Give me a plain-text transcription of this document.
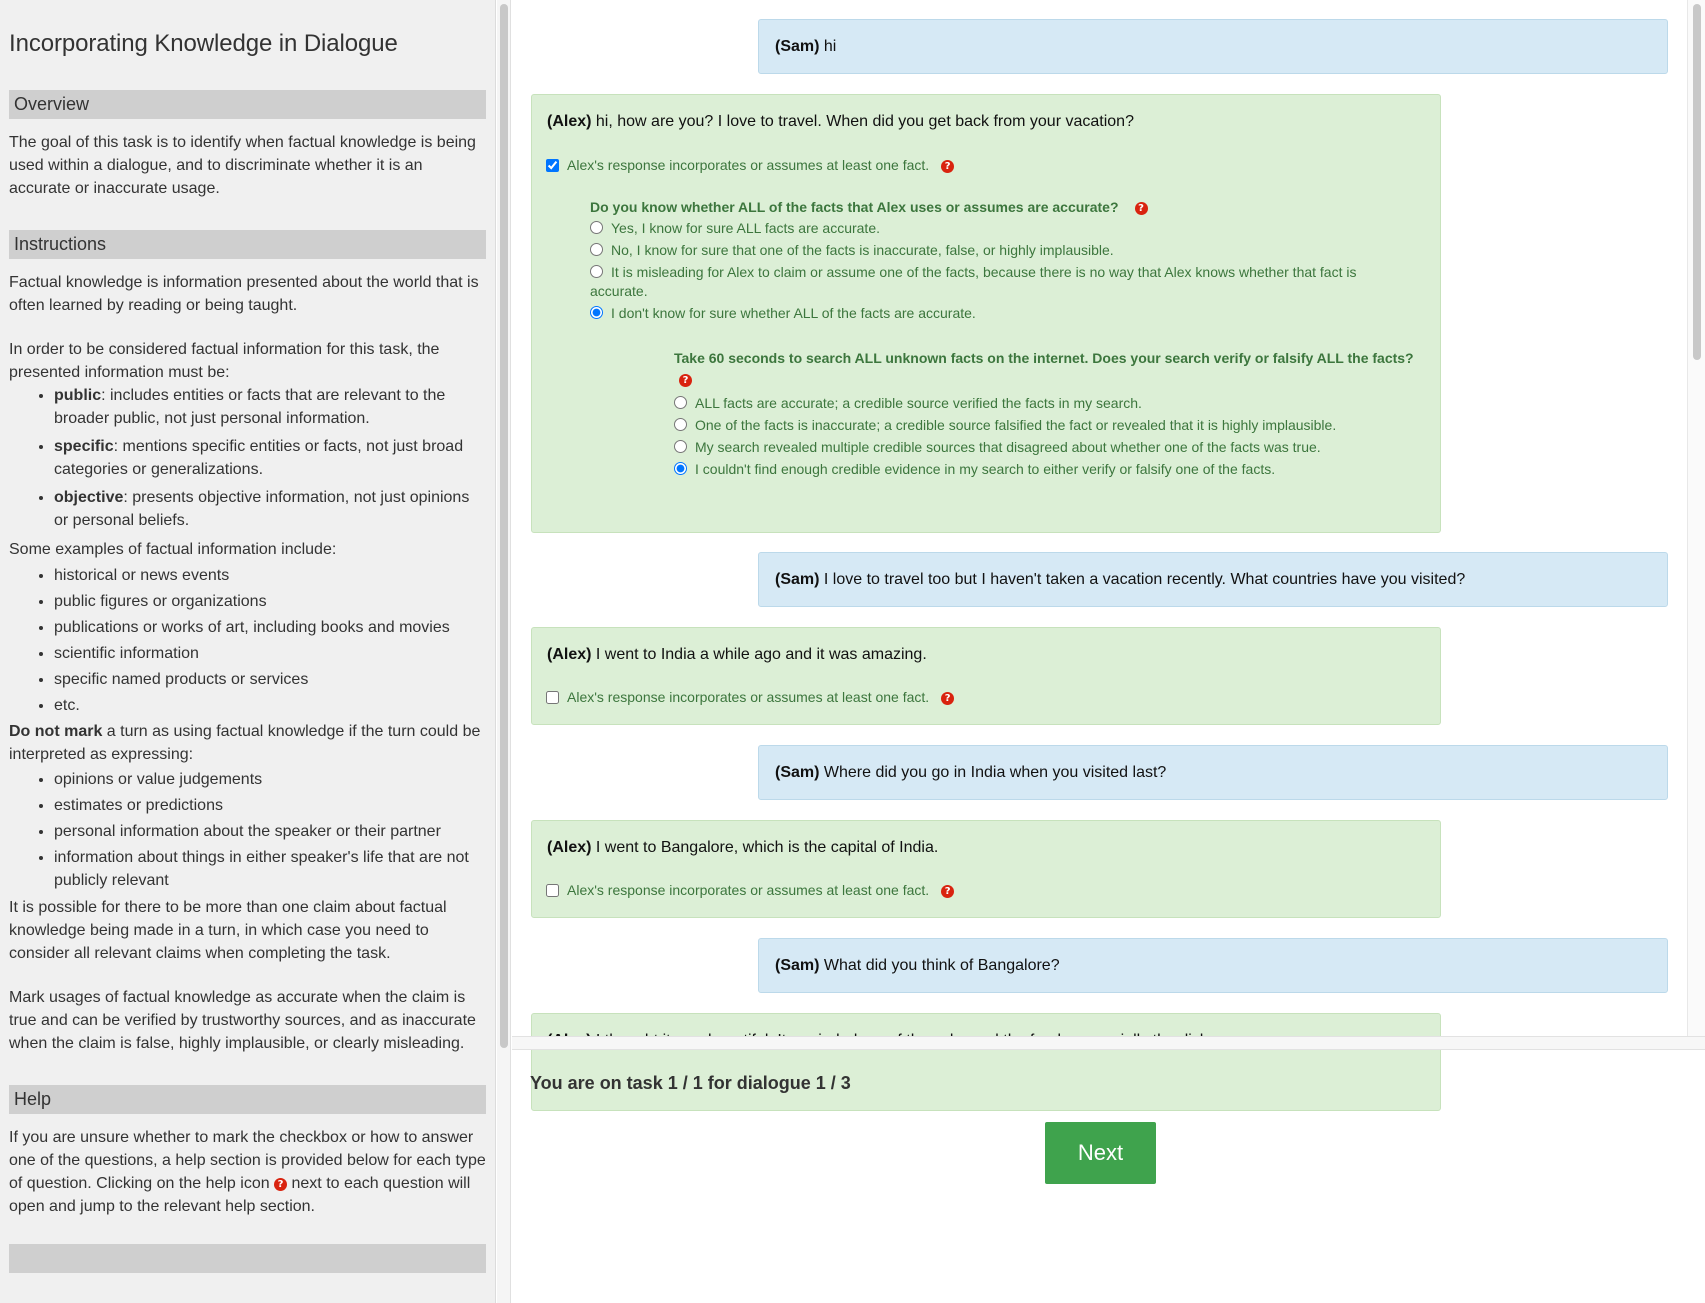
Incorporating Knowledge in Dialogue
Overview

The goal of this task is to identify when factual knowledge is being used within a dialogue, and to discriminate whether it is an accurate or inaccurate usage.

Instructions

Factual knowledge is information presented about the world that is often learned by reading or being taught.

In order to be considered factual information for this task, the presented information must be:

• public: includes entities or facts that are relevant to the broader public, not just personal information.
• specific: mentions specific entities or facts, not just broad categories or generalizations.
• objective: presents objective information, not just opinions or personal beliefs.

Some examples of factual information include:

• historical or news events
• public figures or organizations
• publications or works of art, including books and movies
• scientific information
• specific named products or services
• etc.

Do not mark a turn as using factual knowledge if the turn could be interpreted as expressing:

• opinions or value judgements
• estimates or predictions
• personal information about the speaker or their partner
• information about things in either speaker's life that are not publicly relevant

It is possible for there to be more than one claim about factual knowledge being made in a turn, in which case you need to consider all relevant claims when completing the task.

Mark usages of factual knowledge as accurate when the claim is true and can be verified by trustworthy sources, and as inaccurate when the claim is false, highly implausible, or clearly misleading.

Help

If you are unsure whether to mark the checkbox or how to answer one of the questions, a help section is provided below for each type of question. Clicking on the help icon ? next to each question will open and jump to the relevant help section.

(Sam) hi
(Alex) hi, how are you? I love to travel. When did you get back from your vacation?
Alex's response incorporates or assumes at least one fact. ?
Do you know whether ALL of the facts that Alex uses or assumes are accurate? ?
Yes, I know for sure ALL facts are accurate.
No, I know for sure that one of the facts is inaccurate, false, or highly implausible.
It is misleading for Alex to claim or assume one of the facts, because there is no way that Alex knows whether that fact is accurate.
I don't know for sure whether ALL of the facts are accurate.
Take 60 seconds to search ALL unknown facts on the internet. Does your search verify or falsify ALL the facts?
?
ALL facts are accurate; a credible source verified the facts in my search.
One of the facts is inaccurate; a credible source falsified the fact or revealed that it is highly implausible.
My search revealed multiple credible sources that disagreed about whether one of the facts was true.
I couldn't find enough credible evidence in my search to either verify or falsify one of the facts.
(Sam) I love to travel too but I haven't taken a vacation recently. What countries have you visited?
(Alex) I went to India a while ago and it was amazing.
Alex's response incorporates or assumes at least one fact. ?
(Sam) Where did you go in India when you visited last?
(Alex) I went to Bangalore, which is the capital of India.
Alex's response incorporates or assumes at least one fact. ?
(Sam) What did you think of Bangalore?
You are on task 1 / 1 for dialogue 1 / 3
Next
